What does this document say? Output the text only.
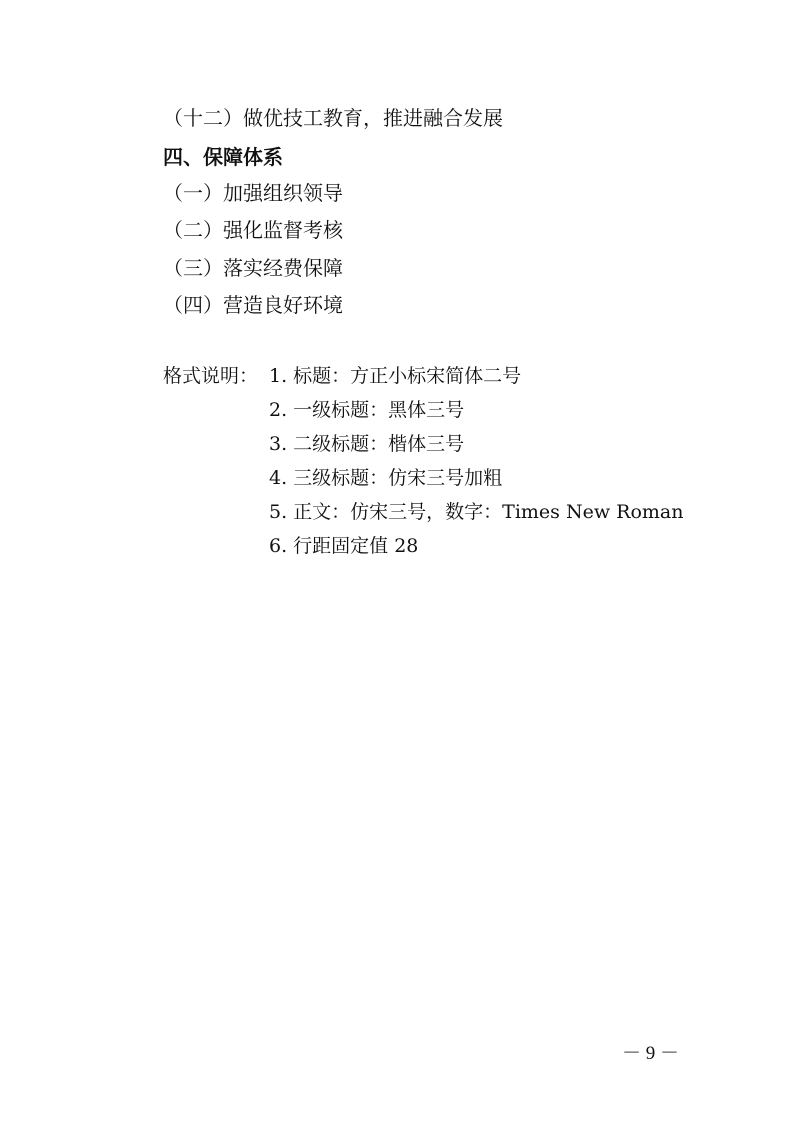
（十二）做优技工教育，推进融合发展
四、保障体系
（一）加强组织领导
（二）强化监督考核
（三）落实经费保障
（四）营造良好环境
格式说明： 1. 标题：方正小标宋简体二号
2. 一级标题：黑体三号
3. 二级标题：楷体三号
4. 三级标题：仿宋三号加粗
5. 正文：仿宋三号，数字：Times New Roman
6. 行距固定值 28
－ 9 －
